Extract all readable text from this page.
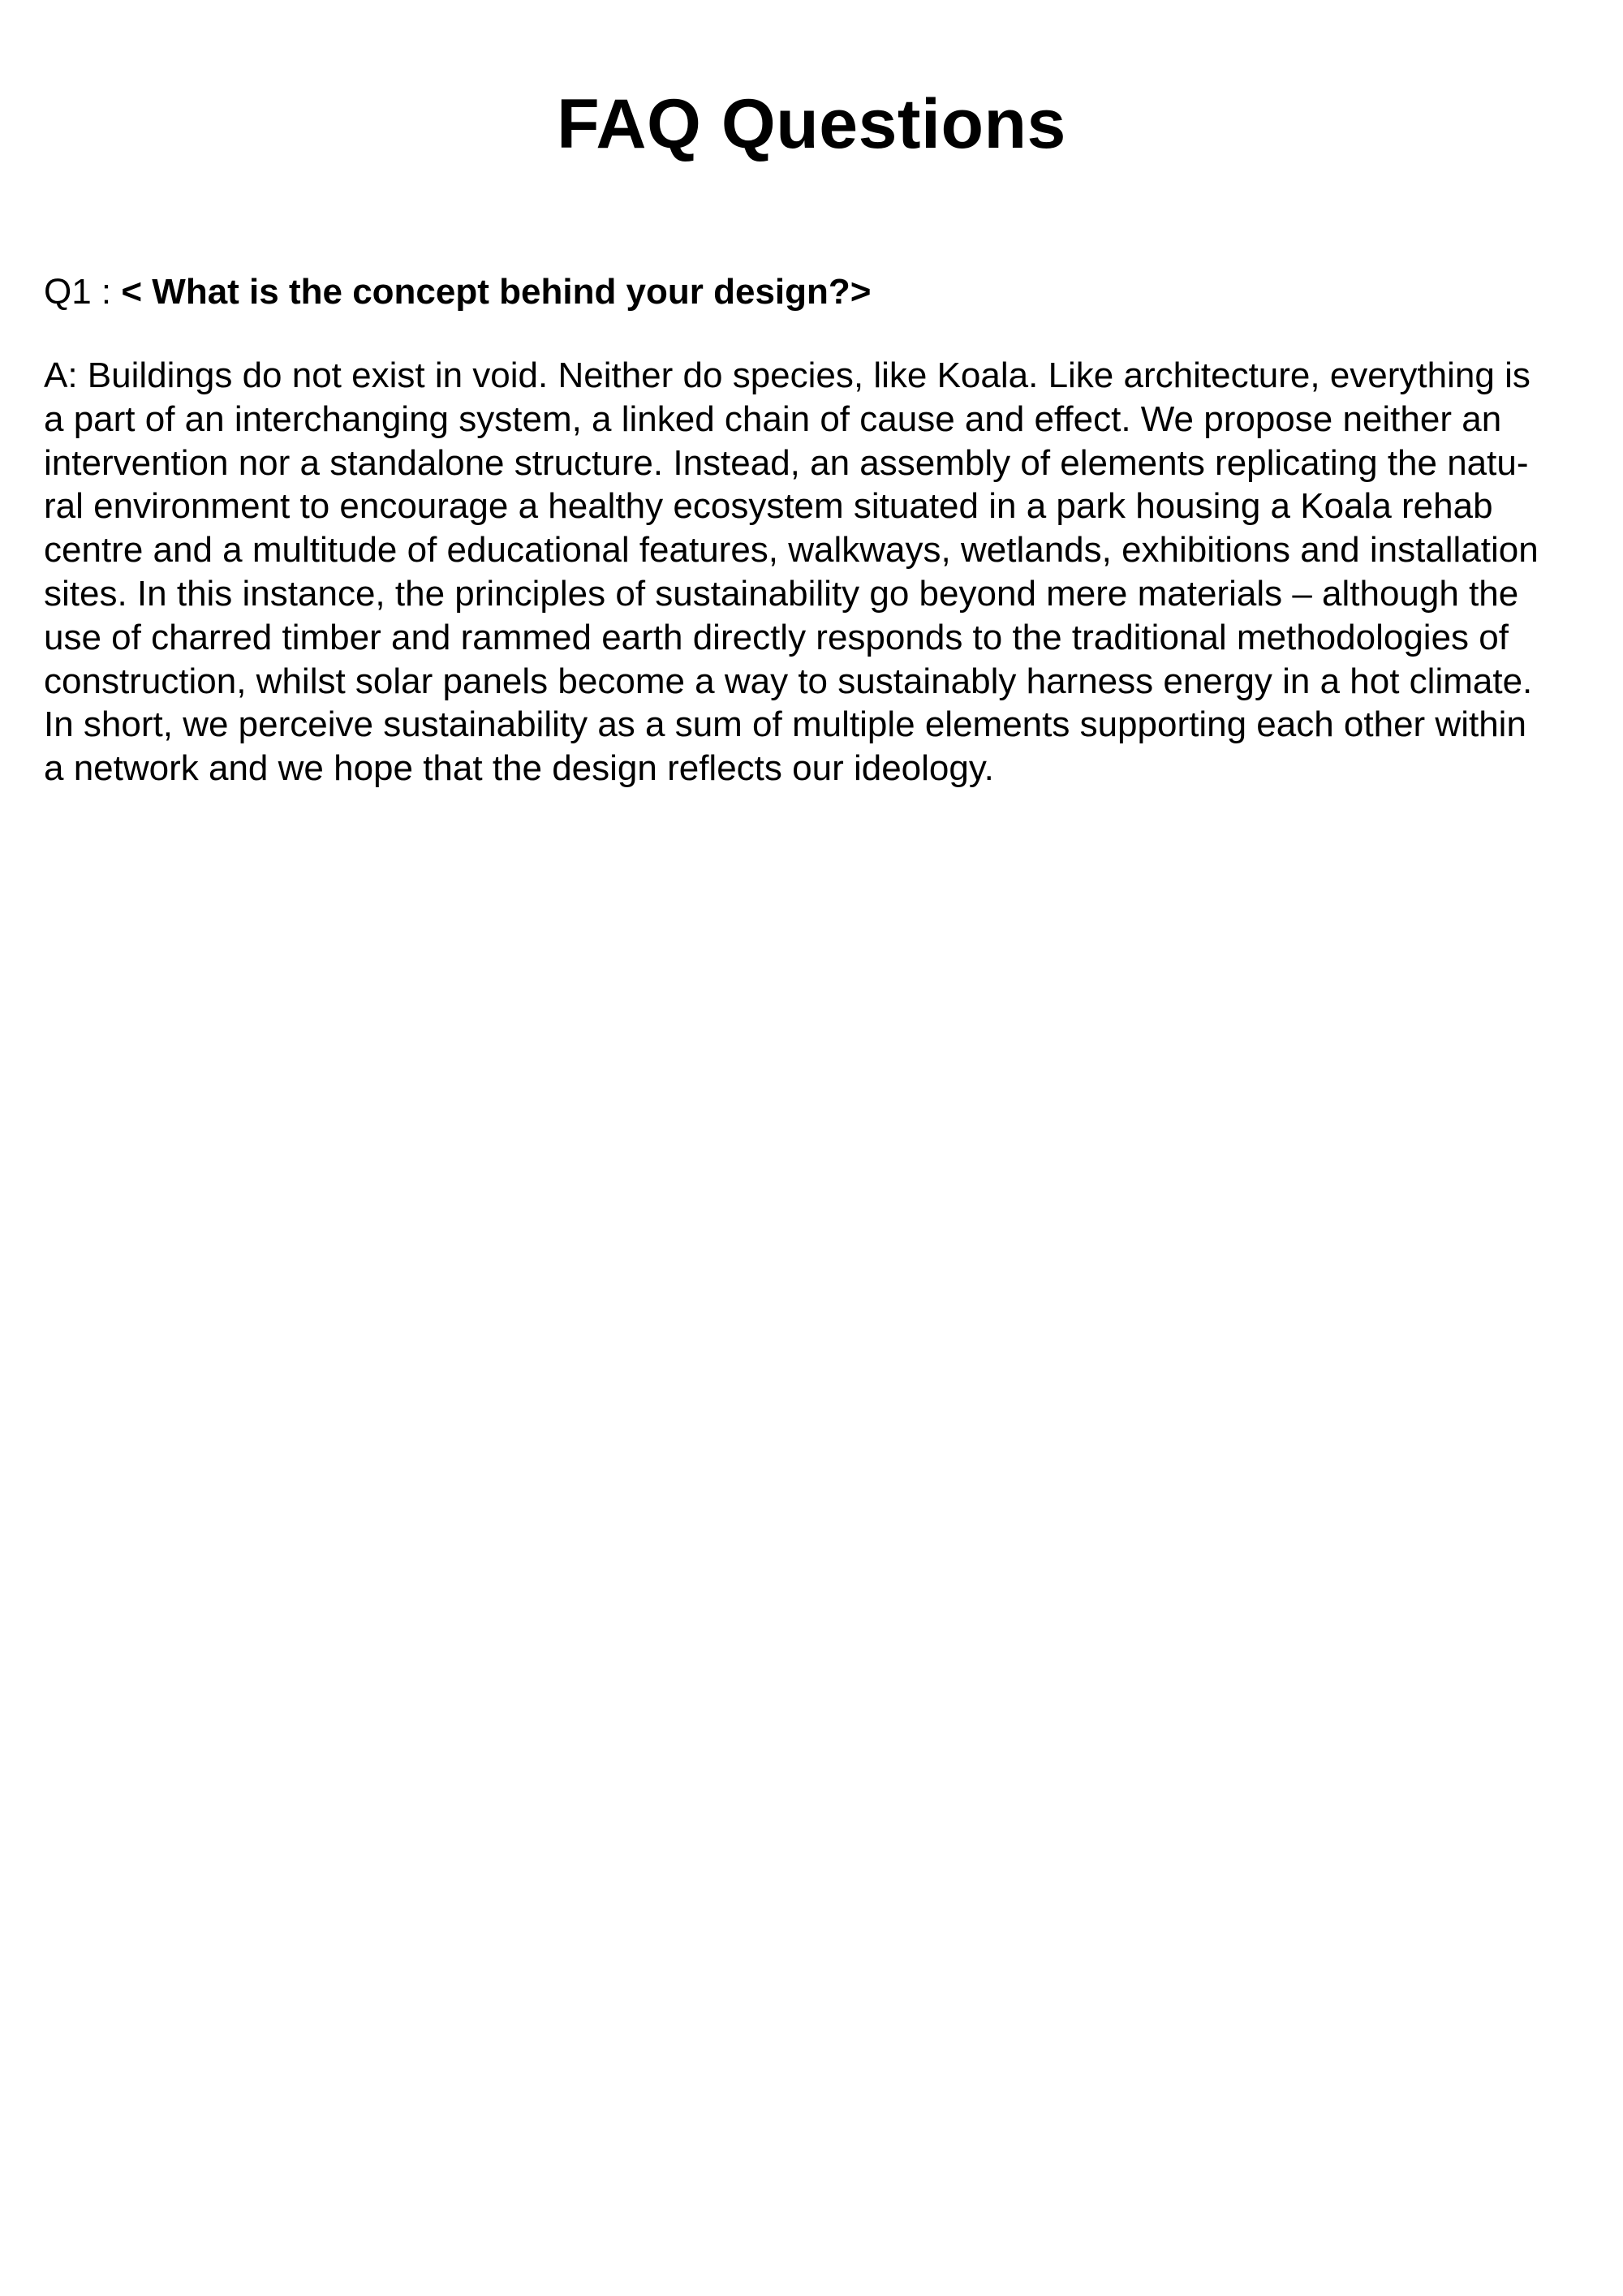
FAQ Questions

Q1 : < What is the concept behind your design?>

A: Buildings do not exist in void. Neither do species, like Koala. Like architecture, everything is
a part of an interchanging system, a linked chain of cause and effect. We propose neither an
intervention nor a standalone structure. Instead, an assembly of elements replicating the natu-
ral environment to encourage a healthy ecosystem situated in a park housing a Koala rehab
centre and a multitude of educational features, walkways, wetlands, exhibitions and installation
sites. In this instance, the principles of sustainability go beyond mere materials – although the
use of charred timber and rammed earth directly responds to the traditional methodologies of
construction, whilst solar panels become a way to sustainably harness energy in a hot climate.
In short, we perceive sustainability as a sum of multiple elements supporting each other within
a network and we hope that the design reflects our ideology.
